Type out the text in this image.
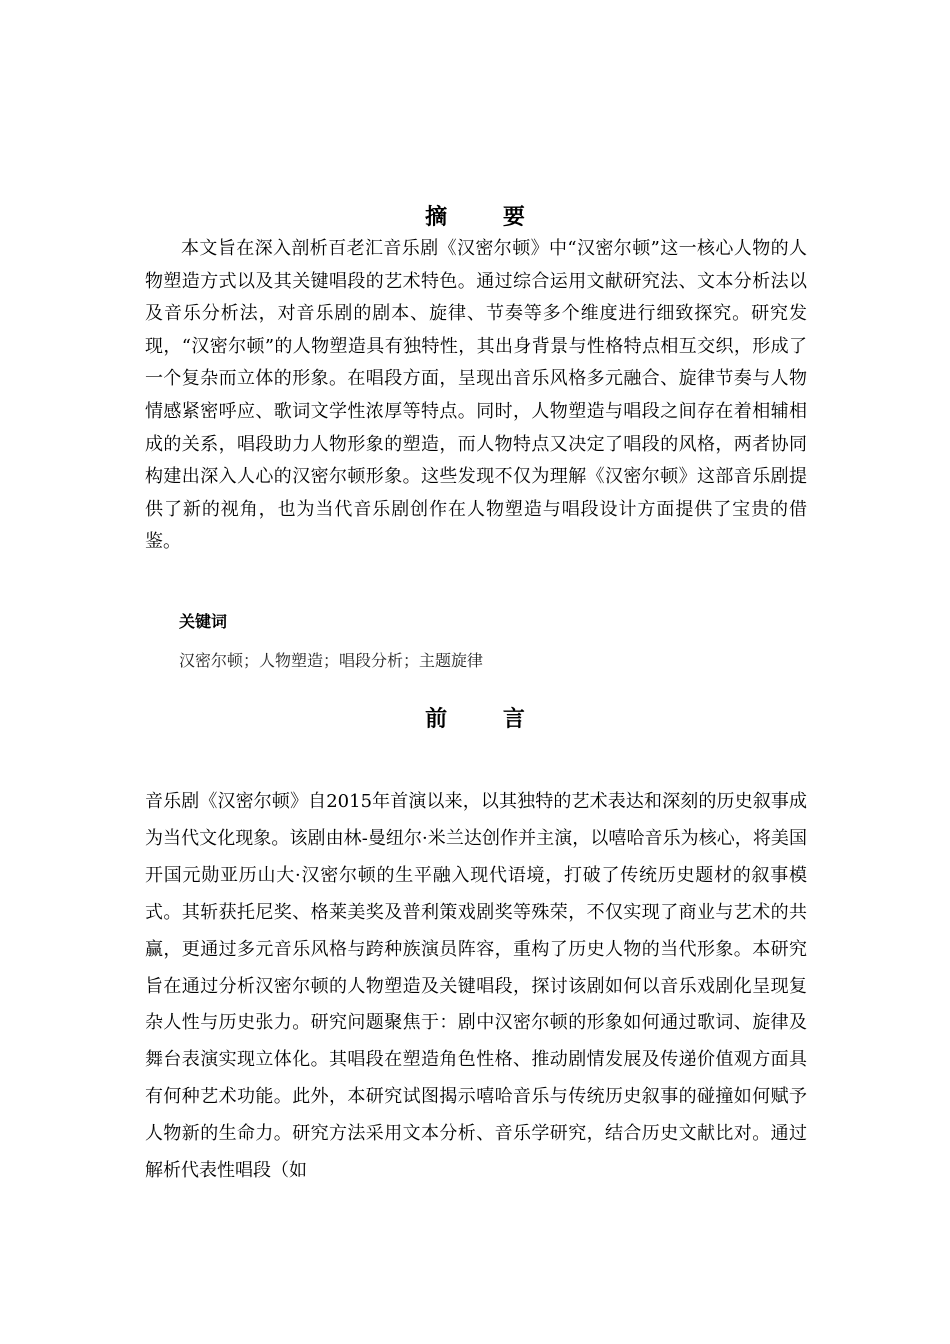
摘 要

本文旨在深入剖析百老汇音乐剧《汉密尔顿》中“汉密尔顿”这一核心人物的人物塑造方式以及其关键唱段的艺术特色。通过综合运用文献研究法、文本分析法以及音乐分析法，对音乐剧的剧本、旋律、节奏等多个维度进行细致探究。研究发现，“汉密尔顿”的人物塑造具有独特性，其出身背景与性格特点相互交织，形成了一个复杂而立体的形象。在唱段方面，呈现出音乐风格多元融合、旋律节奏与人物情感紧密呼应、歌词文学性浓厚等特点。同时，人物塑造与唱段之间存在着相辅相成的关系，唱段助力人物形象的塑造，而人物特点又决定了唱段的风格，两者协同构建出深入人心的汉密尔顿形象。这些发现不仅为理解《汉密尔顿》这部音乐剧提供了新的视角，也为当代音乐剧创作在人物塑造与唱段设计方面提供了宝贵的借鉴。

关键词
汉密尔顿；人物塑造；唱段分析；主题旋律
前 言

音乐剧《汉密尔顿》自2015年首演以来，以其独特的艺术表达和深刻的历史叙事成为当代文化现象。该剧由林-曼纽尔·米兰达创作并主演，以嘻哈音乐为核心，将美国开国元勋亚历山大·汉密尔顿的生平融入现代语境，打破了传统历史题材的叙事模式。其斩获托尼奖、格莱美奖及普利策戏剧奖等殊荣，不仅实现了商业与艺术的共赢，更通过多元音乐风格与跨种族演员阵容，重构了历史人物的当代形象。本研究旨在通过分析汉密尔顿的人物塑造及关键唱段，探讨该剧如何以音乐戏剧化呈现复杂人性与历史张力。研究问题聚焦于：剧中汉密尔顿的形象如何通过歌词、旋律及舞台表演实现立体化。其唱段在塑造角色性格、推动剧情发展及传递价值观方面具有何种艺术功能。此外，本研究试图揭示嘻哈音乐与传统历史叙事的碰撞如何赋予人物新的生命力。研究方法采用文本分析、音乐学研究，结合历史文献比对。通过解析代表性唱段（如
